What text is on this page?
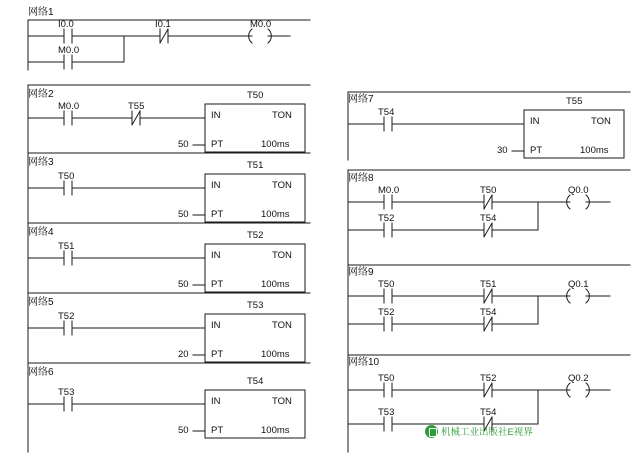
网络1
I0.0	I0.1	M0.0
M0.0
网络2
M0.0	T55
T50
IN	TON
50 PT	100ms
网络3
T50
T51
IN	TON
50 PT	100ms
网络4
T51
T52
IN	TON
50 PT	100ms
网络5
T52
T53
IN	TON
20 PT	100ms
网络6
T53
T54
IN	TON
50 PT	100ms
网络7
T54
T55
IN	TON
30 PT	100ms
网络8
M0.0	T50	Q0.0
T52	T54
网络9
T50	T51	Q0.1
T52	T54
网络10
T50	T52	Q0.2
T53	T54
机械工业出版社E视界
